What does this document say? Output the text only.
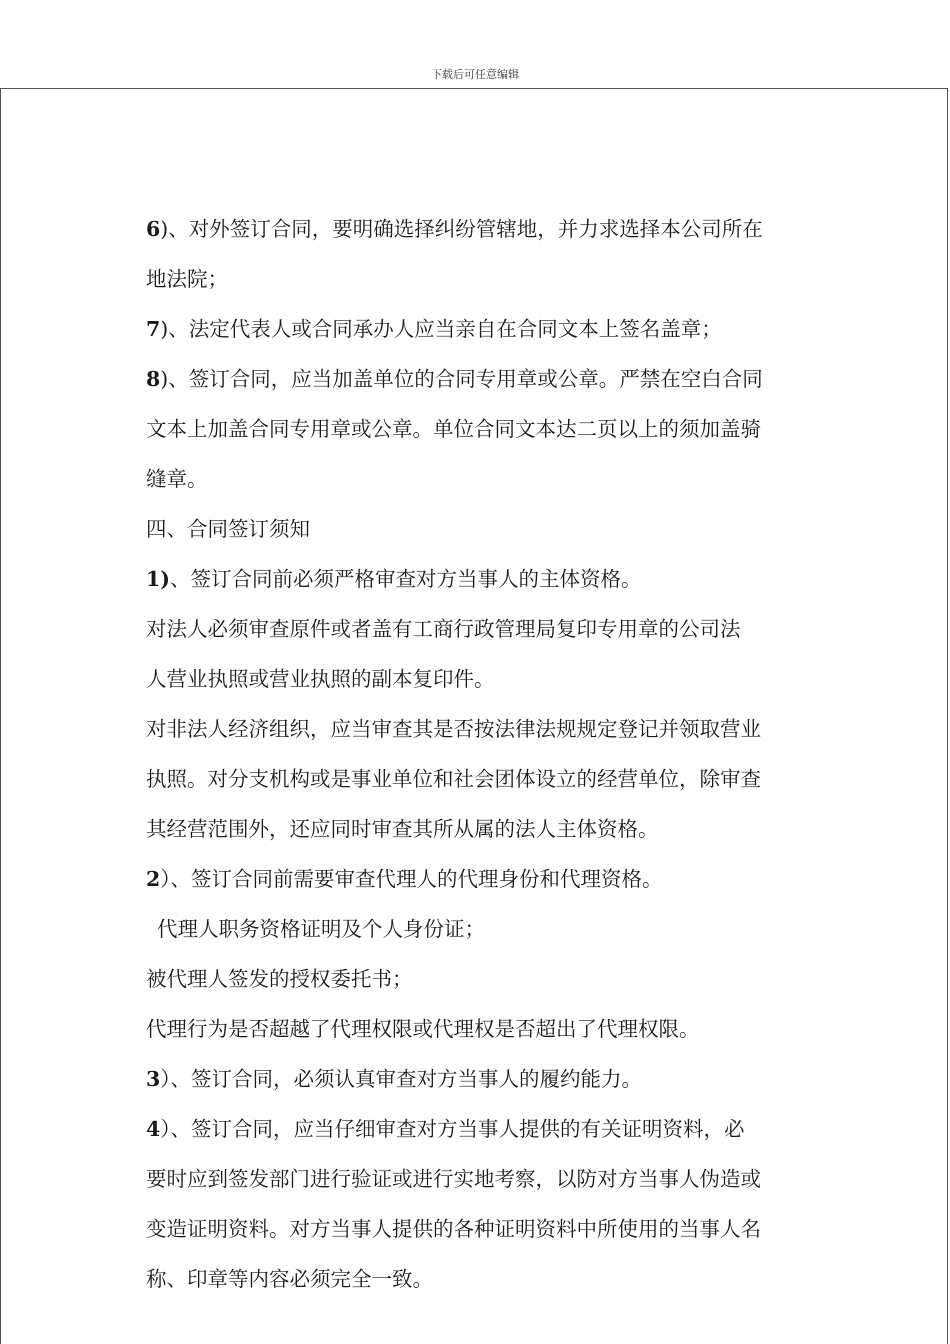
下载后可任意编辑
6)、对外签订合同，要明确选择纠纷管辖地，并力求选择本公司所在
地法院；
7)、法定代表人或合同承办人应当亲自在合同文本上签名盖章；
8)、签订合同，应当加盖单位的合同专用章或公章。严禁在空白合同
文本上加盖合同专用章或公章。单位合同文本达二页以上的须加盖骑
缝章。
四、合同签订须知
1)、签订合同前必须严格审查对方当事人的主体资格。
对法人必须审查原件或者盖有工商行政管理局复印专用章的公司法
人营业执照或营业执照的副本复印件。
对非法人经济组织，应当审查其是否按法律法规规定登记并领取营业
执照。对分支机构或是事业单位和社会团体设立的经营单位，除审查
其经营范围外，还应同时审查其所从属的法人主体资格。
2）、签订合同前需要审查代理人的代理身份和代理资格。
代理人职务资格证明及个人身份证；
被代理人签发的授权委托书；
代理行为是否超越了代理权限或代理权是否超出了代理权限。
3）、签订合同，必须认真审查对方当事人的履约能力。
4）、签订合同，应当仔细审查对方当事人提供的有关证明资料，必
要时应到签发部门进行验证或进行实地考察，以防对方当事人伪造或
变造证明资料。对方当事人提供的各种证明资料中所使用的当事人名
称、印章等内容必须完全一致。
